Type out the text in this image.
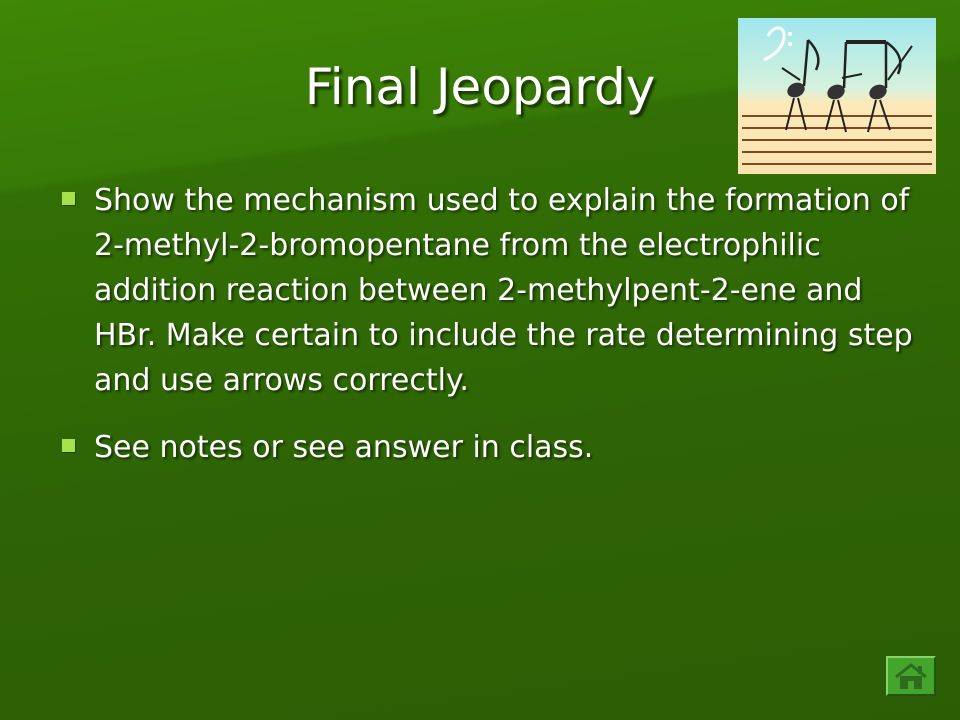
Final Jeopardy
Show the mechanism used to explain the formation of 2-methyl-2-bromopentane from the electrophilic addition reaction between 2-methylpent-2-ene and HBr. Make certain to include the rate determining step and use arrows correctly.
See notes or see answer in class.
